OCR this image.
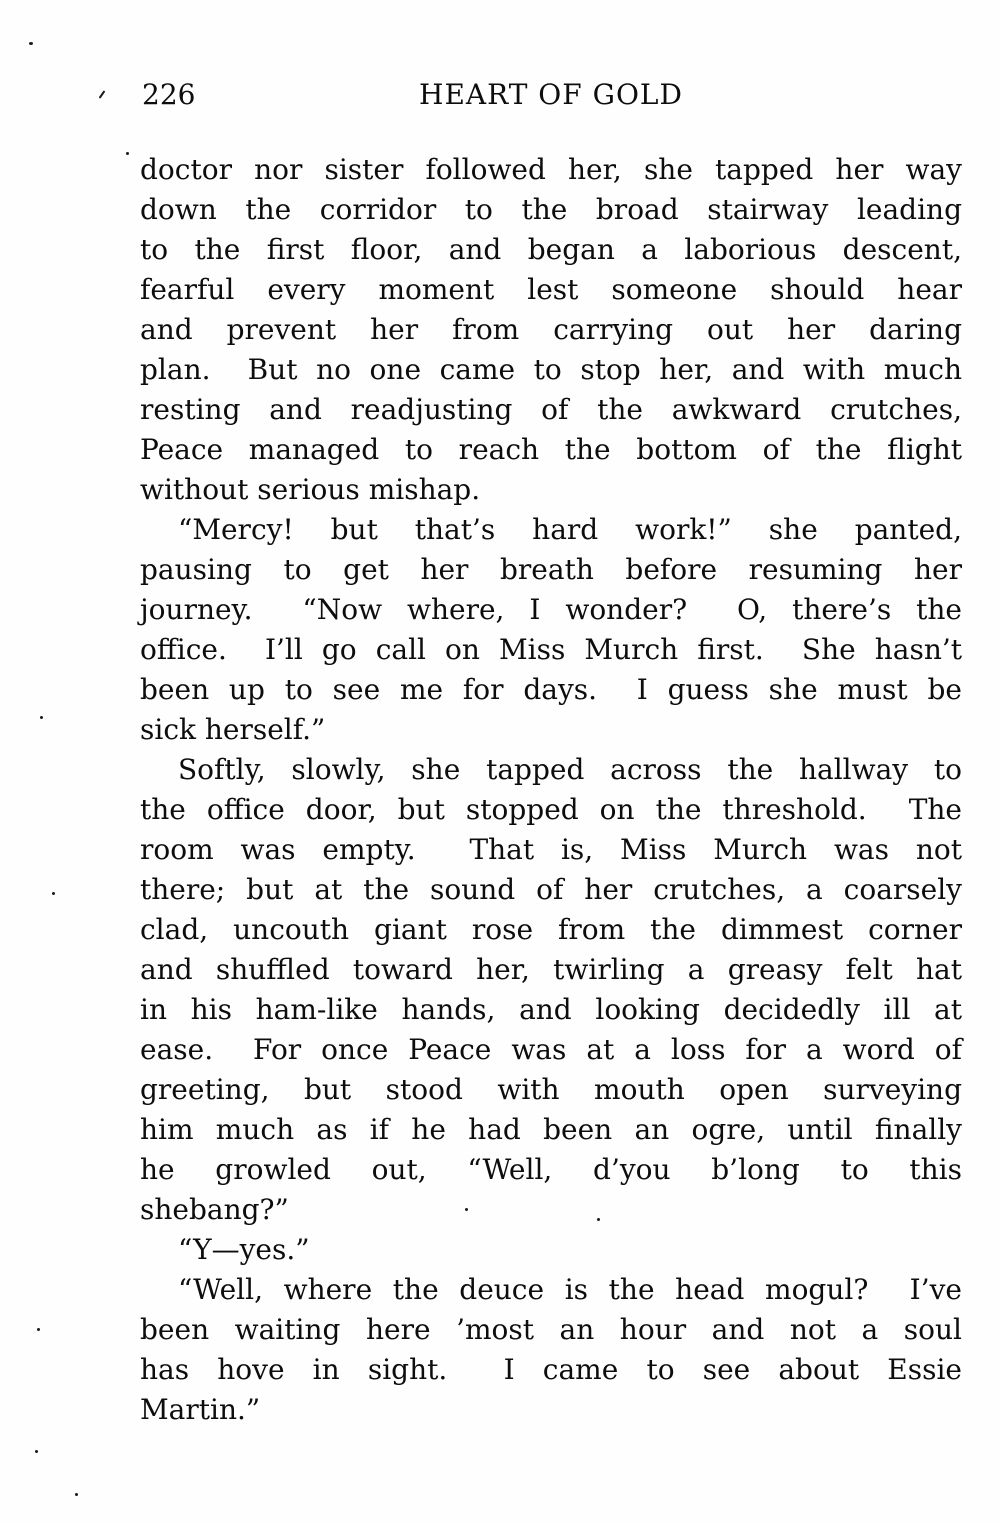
226	HEART OF GOLD
doctor nor sister followed her, she tapped her way
down the corridor to the broad stairway leading
to the first floor, and began a laborious descent,
fearful every moment lest someone should hear
and prevent her from carrying out her daring
plan.  But no one came to stop her, and with much
resting and readjusting of the awkward crutches,
Peace managed to reach the bottom of the flight
without serious mishap.
“Mercy! but that’s hard work!” she panted,
pausing to get her breath before resuming her
journey.  “Now where, I wonder?  O, there’s the
office.  I’ll go call on Miss Murch first.  She hasn’t
been up to see me for days.  I guess she must be
sick herself.”
Softly, slowly, she tapped across the hallway to
the office door, but stopped on the threshold.  The
room was empty.  That is, Miss Murch was not
there; but at the sound of her crutches, a coarsely
clad, uncouth giant rose from the dimmest corner
and shuffled toward her, twirling a greasy felt hat
in his ham-like hands, and looking decidedly ill at
ease.  For once Peace was at a loss for a word of
greeting, but stood with mouth open surveying
him much as if he had been an ogre, until finally
he growled out, “Well, d’you b’long to this
shebang?”
“Y—yes.”
“Well, where the deuce is the head mogul?  I’ve
been waiting here ’most an hour and not a soul
has hove in sight.  I came to see about Essie
Martin.”
